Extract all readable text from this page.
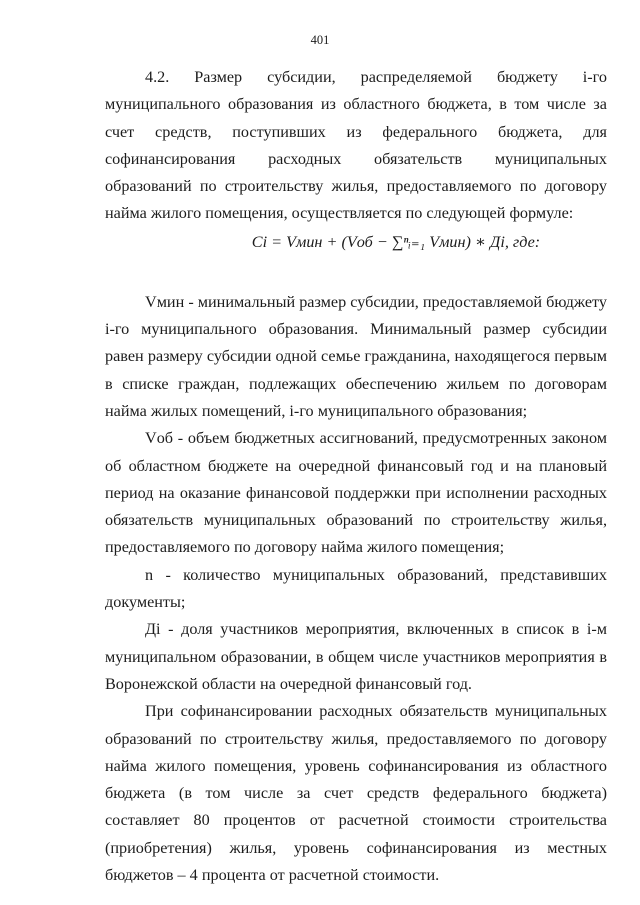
401

4.2. Размер субсидии, распределяемой бюджету i-го муниципального образования из областного бюджета, в том числе за счет средств, поступивших из федерального бюджета, для софинансирования расходных обязательств муниципальных образований по строительству жилья, предоставляемого по договору найма жилого помещения, осуществляется по следующей формуле:

Ci = Vмин + (Vоб − ∑ⁿᵢ₌₁ Vмин) ∗ Дi, где:

Vмин - минимальный размер субсидии, предоставляемой бюджету i-го муниципального образования. Минимальный размер субсидии равен размеру субсидии одной семье гражданина, находящегося первым в списке граждан, подлежащих обеспечению жильем по договорам найма жилых помещений, i-го муниципального образования;

Vоб - объем бюджетных ассигнований, предусмотренных законом об областном бюджете на очередной финансовый год и на плановый период на оказание финансовой поддержки при исполнении расходных обязательств муниципальных образований по строительству жилья, предоставляемого по договору найма жилого помещения;

n - количество муниципальных образований, представивших документы;

Дi - доля участников мероприятия, включенных в список в i-м муниципальном образовании, в общем числе участников мероприятия в Воронежской области на очередной финансовый год.

При софинансировании расходных обязательств муниципальных образований по строительству жилья, предоставляемого по договору найма жилого помещения, уровень софинансирования из областного бюджета (в том числе за счет средств федерального бюджета) составляет 80 процентов от расчетной стоимости строительства (приобретения) жилья, уровень софинансирования из местных бюджетов – 4 процента от расчетной стоимости.
